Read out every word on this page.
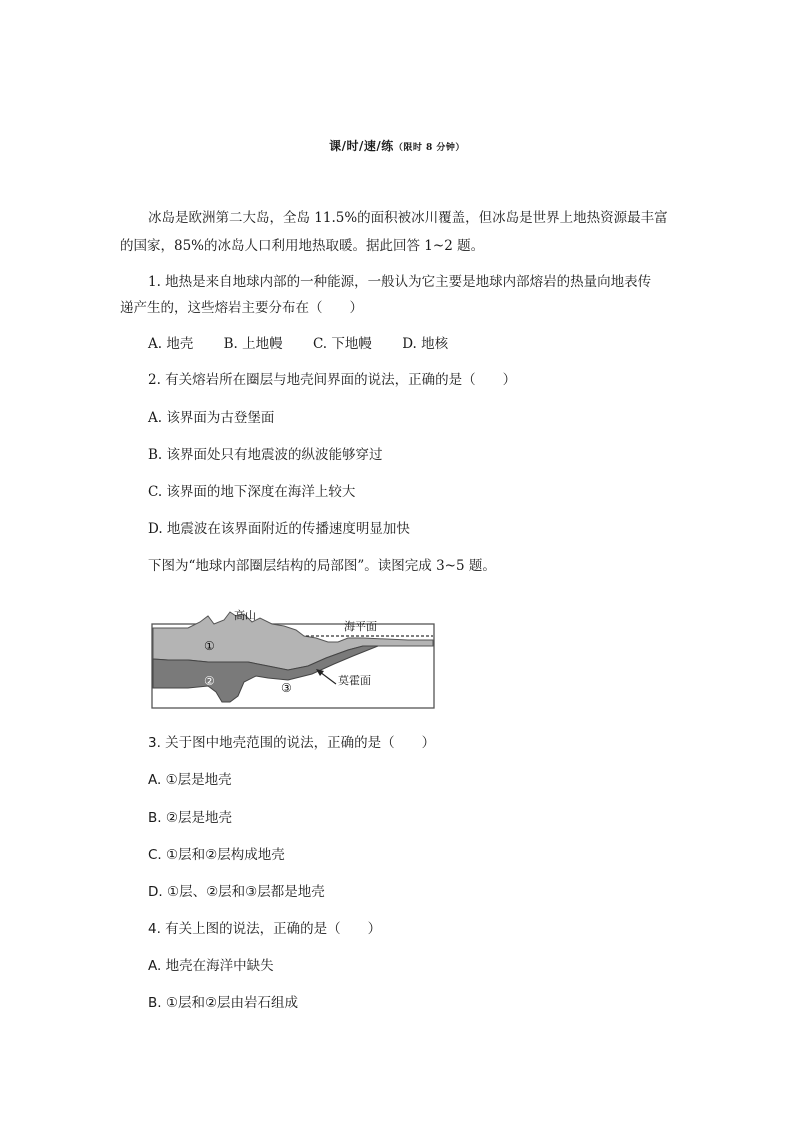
课/时/速/练（限时 8 分钟）
冰岛是欧洲第二大岛，全岛 11.5%的面积被冰川覆盖，但冰岛是世界上地热资源最丰富
的国家，85%的冰岛人口利用地热取暖。据此回答 1~2 题。
1. 地热是来自地球内部的一种能源，一般认为它主要是地球内部熔岩的热量向地表传
递产生的，这些熔岩主要分布在（　　）
A. 地壳 B. 上地幔 C. 下地幔 D. 地核
2. 有关熔岩所在圈层与地壳间界面的说法，正确的是（　　）
A. 该界面为古登堡面
B. 该界面处只有地震波的纵波能够穿过
C. 该界面的地下深度在海洋上较大
D. 地震波在该界面附近的传播速度明显加快
下图为“地球内部圈层结构的局部图”。读图完成 3~5 题。
①
②	③
高山
海平面
莫霍面
3. 关于图中地壳范围的说法，正确的是（　　）
A. ①层是地壳
B. ②层是地壳
C. ①层和②层构成地壳
D. ①层、②层和③层都是地壳
4. 有关上图的说法，正确的是（　　）
A. 地壳在海洋中缺失
B. ①层和②层由岩石组成
